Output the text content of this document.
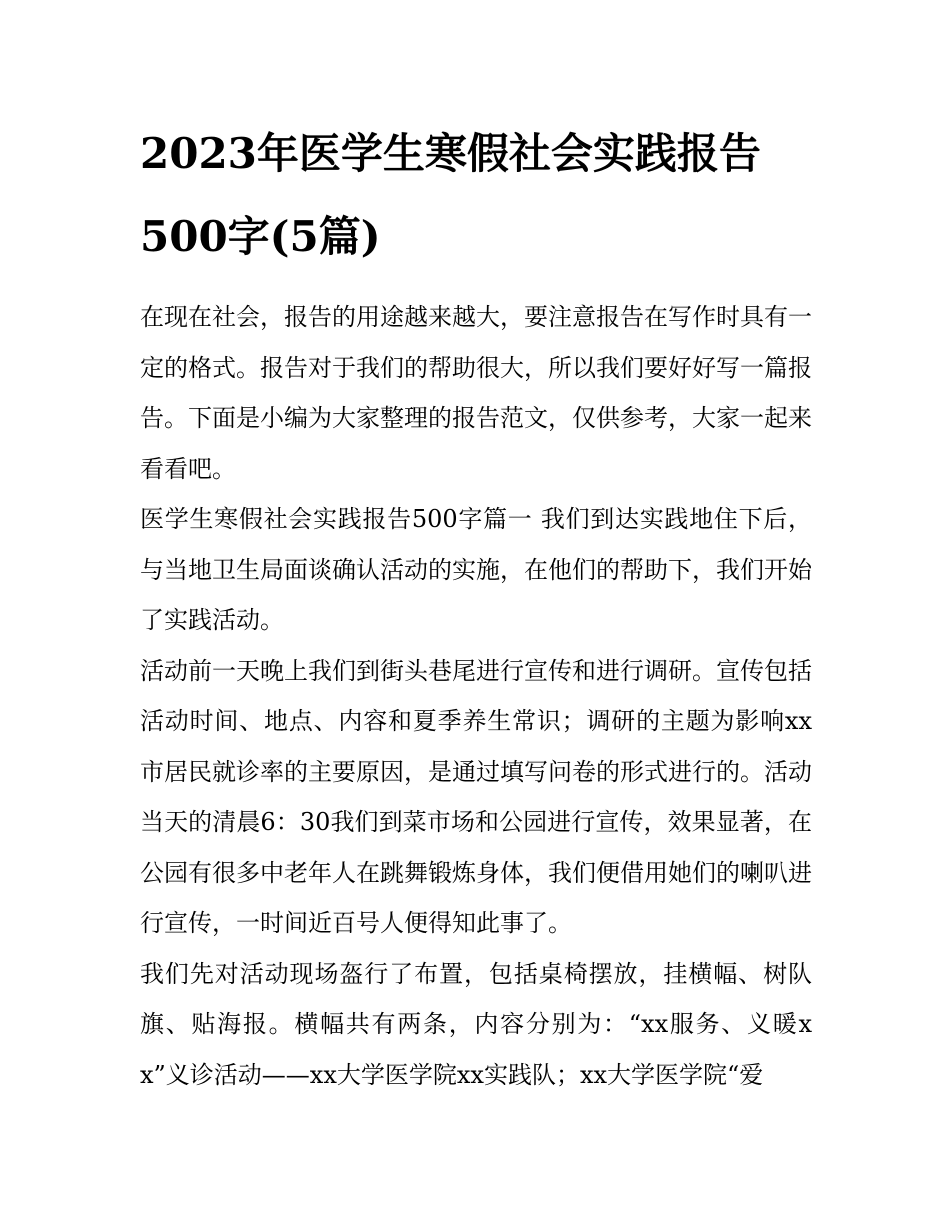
2023年医学生寒假社会实践报告500字(5篇)

在现在社会，报告的用途越来越大，要注意报告在写作时具有一定的格式。报告对于我们的帮助很大，所以我们要好好写一篇报告。下面是小编为大家整理的报告范文，仅供参考，大家一起来看看吧。

医学生寒假社会实践报告500字篇一 我们到达实践地住下后，与当地卫生局面谈确认活动的实施，在他们的帮助下，我们开始了实践活动。

活动前一天晚上我们到街头巷尾进行宣传和进行调研。宣传包括活动时间、地点、内容和夏季养生常识；调研的主题为影响xx市居民就诊率的主要原因，是通过填写问卷的形式进行的。活动当天的清晨6：30我们到菜市场和公园进行宣传，效果显著，在公园有很多中老年人在跳舞锻炼身体，我们便借用她们的喇叭进行宣传，一时间近百号人便得知此事了。

我们先对活动现场盔行了布置，包括桌椅摆放，挂横幅、树队旗、贴海报。横幅共有两条，内容分别为：“xx服务、义暖xx”义诊活动——xx大学医学院xx实践队；xx大学医学院“爱
